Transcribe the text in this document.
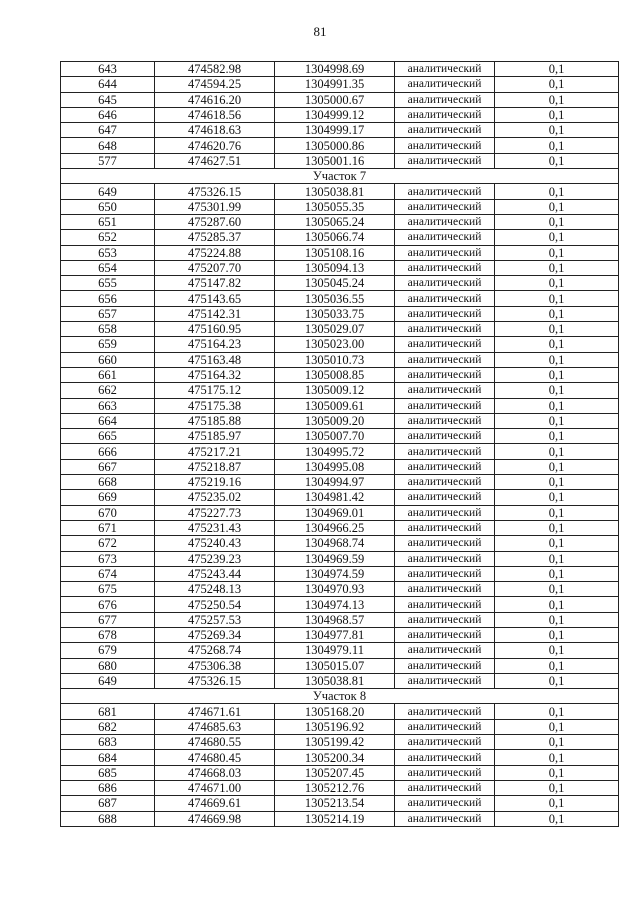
81
643	474582.98	1304998.69	аналитический	0,1
644	474594.25	1304991.35	аналитический	0,1
645	474616.20	1305000.67	аналитический	0,1
646	474618.56	1304999.12	аналитический	0,1
647	474618.63	1304999.17	аналитический	0,1
648	474620.76	1305000.86	аналитический	0,1
577	474627.51	1305001.16	аналитический	0,1
Участок 7				
649	475326.15	1305038.81	аналитический	0,1
650	475301.99	1305055.35	аналитический	0,1
651	475287.60	1305065.24	аналитический	0,1
652	475285.37	1305066.74	аналитический	0,1
653	475224.88	1305108.16	аналитический	0,1
654	475207.70	1305094.13	аналитический	0,1
655	475147.82	1305045.24	аналитический	0,1
656	475143.65	1305036.55	аналитический	0,1
657	475142.31	1305033.75	аналитический	0,1
658	475160.95	1305029.07	аналитический	0,1
659	475164.23	1305023.00	аналитический	0,1
660	475163.48	1305010.73	аналитический	0,1
661	475164.32	1305008.85	аналитический	0,1
662	475175.12	1305009.12	аналитический	0,1
663	475175.38	1305009.61	аналитический	0,1
664	475185.88	1305009.20	аналитический	0,1
665	475185.97	1305007.70	аналитический	0,1
666	475217.21	1304995.72	аналитический	0,1
667	475218.87	1304995.08	аналитический	0,1
668	475219.16	1304994.97	аналитический	0,1
669	475235.02	1304981.42	аналитический	0,1
670	475227.73	1304969.01	аналитический	0,1
671	475231.43	1304966.25	аналитический	0,1
672	475240.43	1304968.74	аналитический	0,1
673	475239.23	1304969.59	аналитический	0,1
674	475243.44	1304974.59	аналитический	0,1
675	475248.13	1304970.93	аналитический	0,1
676	475250.54	1304974.13	аналитический	0,1
677	475257.53	1304968.57	аналитический	0,1
678	475269.34	1304977.81	аналитический	0,1
679	475268.74	1304979.11	аналитический	0,1
680	475306.38	1305015.07	аналитический	0,1
649	475326.15	1305038.81	аналитический	0,1
Участок 8				
681	474671.61	1305168.20	аналитический	0,1
682	474685.63	1305196.92	аналитический	0,1
683	474680.55	1305199.42	аналитический	0,1
684	474680.45	1305200.34	аналитический	0,1
685	474668.03	1305207.45	аналитический	0,1
686	474671.00	1305212.76	аналитический	0,1
687	474669.61	1305213.54	аналитический	0,1
688	474669.98	1305214.19	аналитический	0,1
